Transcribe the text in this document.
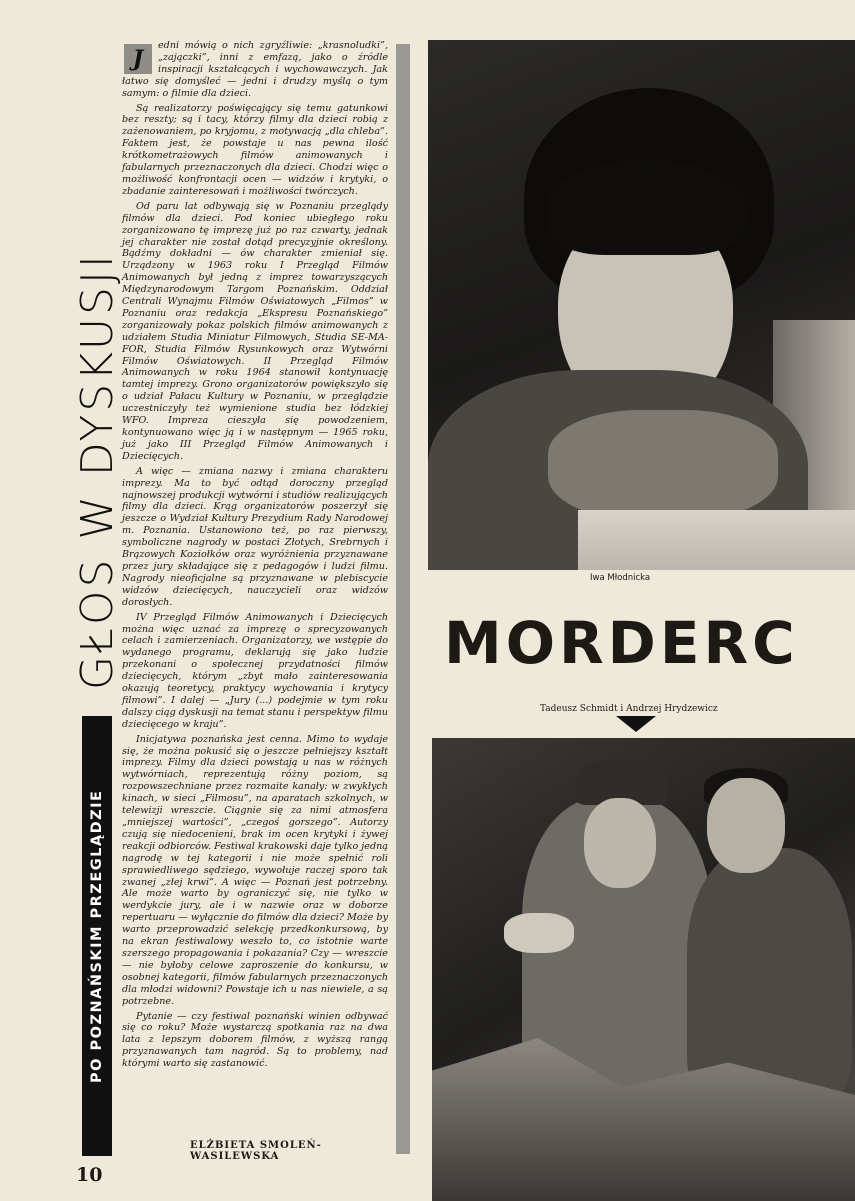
GŁOS W DYSKUSJI
PO POZNAŃSKIM PRZEGLĄDZIE
J

edni mówią o nich zgryźliwie: „krasnoludki”, „zajączki”, inni z emfazą, jako o źródle inspiracji kształcących i wychowawczych. Jak łatwo się domyśleć — jedni i drudzy myślą o tym samym: o filmie dla dzieci.

Są realizatorzy poświęcający się temu gatunkowi bez reszty; są i tacy, którzy filmy dla dzieci robią z zażenowaniem, po kryjomu, z motywacją „dla chleba”. Faktem jest, że powstaje u nas pewna ilość krótkometrażowych filmów animowanych i fabularnych przeznaczonych dla dzieci. Chodzi więc o możliwość konfrontacji ocen — widzów i krytyki, o zbadanie zainteresowań i możliwości twórczych.

Od paru lat odbywają się w Poznaniu przeglądy filmów dla dzieci. Pod koniec ubiegłego roku zorganizowano tę imprezę już po raz czwarty, jednak jej charakter nie został dotąd precyzyjnie określony. Bądźmy dokładni — ów charakter zmieniał się. Urządzony w 1963 roku I Przegląd Filmów Animowanych był jedną z imprez towarzyszących Międzynarodowym Targom Poznańskim. Oddział Centrali Wynajmu Filmów Oświatowych „Filmos” w Poznaniu oraz redakcja „Ekspresu Poznańskiego” zorganizowały pokaz polskich filmów animowanych z udziałem Studia Miniatur Filmowych, Studia SE-MA-FOR, Studia Filmów Rysunkowych oraz Wytwórni Filmów Oświatowych. II Przegląd Filmów Animowanych w roku 1964 stanowił kontynuację tamtej imprezy. Grono organizatorów powiększyło się o udział Pałacu Kultury w Poznaniu, w przeglądzie uczestniczyły też wymienione studia bez łódzkiej WFO. Impreza cieszyła się powodzeniem, kontynuowano więc ją i w następnym — 1965 roku, już jako III Przegląd Filmów Animowanych i Dziecięcych.

A więc — zmiana nazwy i zmiana charakteru imprezy. Ma to być odtąd doroczny przegląd najnowszej produkcji wytwórni i studiów realizujących filmy dla dzieci. Krąg organizatorów poszerzył się jeszcze o Wydział Kultury Prezydium Rady Narodowej m. Poznania. Ustanowiono też, po raz pierwszy, symboliczne nagrody w postaci Złotych, Srebrnych i Brązowych Koziołków oraz wyróżnienia przyznawane przez jury składające się z pedagogów i ludzi filmu. Nagrody nieoficjalne są przyznawane w plebiscycie widzów dziecięcych, nauczycieli oraz widzów dorosłych.

IV Przegląd Filmów Animowanych i Dziecięcych można więc uznać za imprezę o sprecyzowanych celach i zamierzeniach. Organizatorzy, we wstępie do wydanego programu, deklarują się jako ludzie przekonani o społecznej przydatności filmów dziecięcych, którym „zbyt mało zainteresowania okazują teoretycy, praktycy wychowania i krytycy filmowi”. I dalej — „Jury (...) podejmie w tym roku dalszy ciąg dyskusji na temat stanu i perspektyw filmu dziecięcego w kraju”.

Inicjatywa poznańska jest cenna. Mimo to wydaje się, że można pokusić się o jeszcze pełniejszy kształt imprezy. Filmy dla dzieci powstają u nas w różnych wytwórniach, reprezentują różny poziom, są rozpowszechniane przez rozmaite kanały: w zwykłych kinach, w sieci „Filmosu”, na aparatach szkolnych, w telewizji wreszcie. Ciągnie się za nimi atmosfera „mniejszej wartości”, „czegoś gorszego”. Autorzy czują się niedocenieni, brak im ocen krytyki i żywej reakcji odbiorców. Festiwal krakowski daje tylko jedną nagrodę w tej kategorii i nie może spełnić roli sprawiedliwego sędziego, wywołuje raczej sporo tak zwanej „złej krwi”. A więc — Poznań jest potrzebny. Ale może warto by ograniczyć się, nie tylko w werdykcie jury, ale i w nazwie oraz w doborze repertuaru — wyłącznie do filmów dla dzieci? Może by warto przeprowadzić selekcję przedkonkursową, by na ekran festiwalowy weszło to, co istotnie warte szerszego propagowania i pokazania? Czy — wreszcie — nie byłoby celowe zaproszenie do konkursu, w osobnej kategorii, filmów fabularnych przeznaczonych dla młodzi widowni? Powstaje ich u nas niewiele, a są potrzebne.

Pytanie — czy festiwal poznański winien odbywać się co roku? Może wystarczą spotkania raz na dwa lata z lepszym doborem filmów, z wyższą rangą przyznawanych tam nagród. Są to problemy, nad którymi warto się zastanowić.

ELŻBIETA SMOLEŃ-WASILEWSKA
10
Iwa Młodnicka
MORDERC
Tadeusz Schmidt i Andrzej Hrydzewicz
